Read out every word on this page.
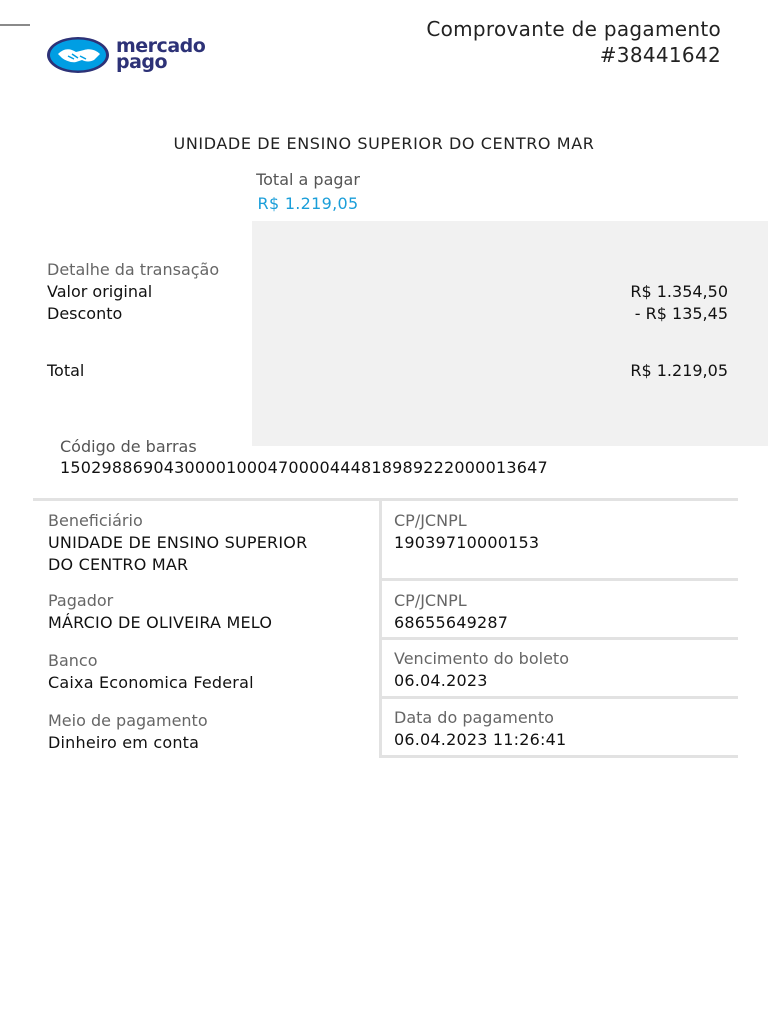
mercado
pago
Comprovante de pagamento
#38441642
UNIDADE DE ENSINO SUPERIOR DO CENTRO MAR
Total a pagar
R$ 1.219,05
Detalhe da transação
Valor original	R$ 1.354,50
Desconto	- R$ 135,45
Total	R$ 1.219,05
Código de barras
15029886904300001000470000444818989222000013647
Beneficiário
UNIDADE DE ENSINO SUPERIOR
DO CENTRO MAR
Pagador
MÁRCIO DE OLIVEIRA MELO
Banco
Caixa Economica Federal
Meio de pagamento
Dinheiro em conta
CP/JCNPL
19039710000153
CP/JCNPL
68655649287
Vencimento do boleto
06.04.2023
Data do pagamento
06.04.2023 11:26:41
